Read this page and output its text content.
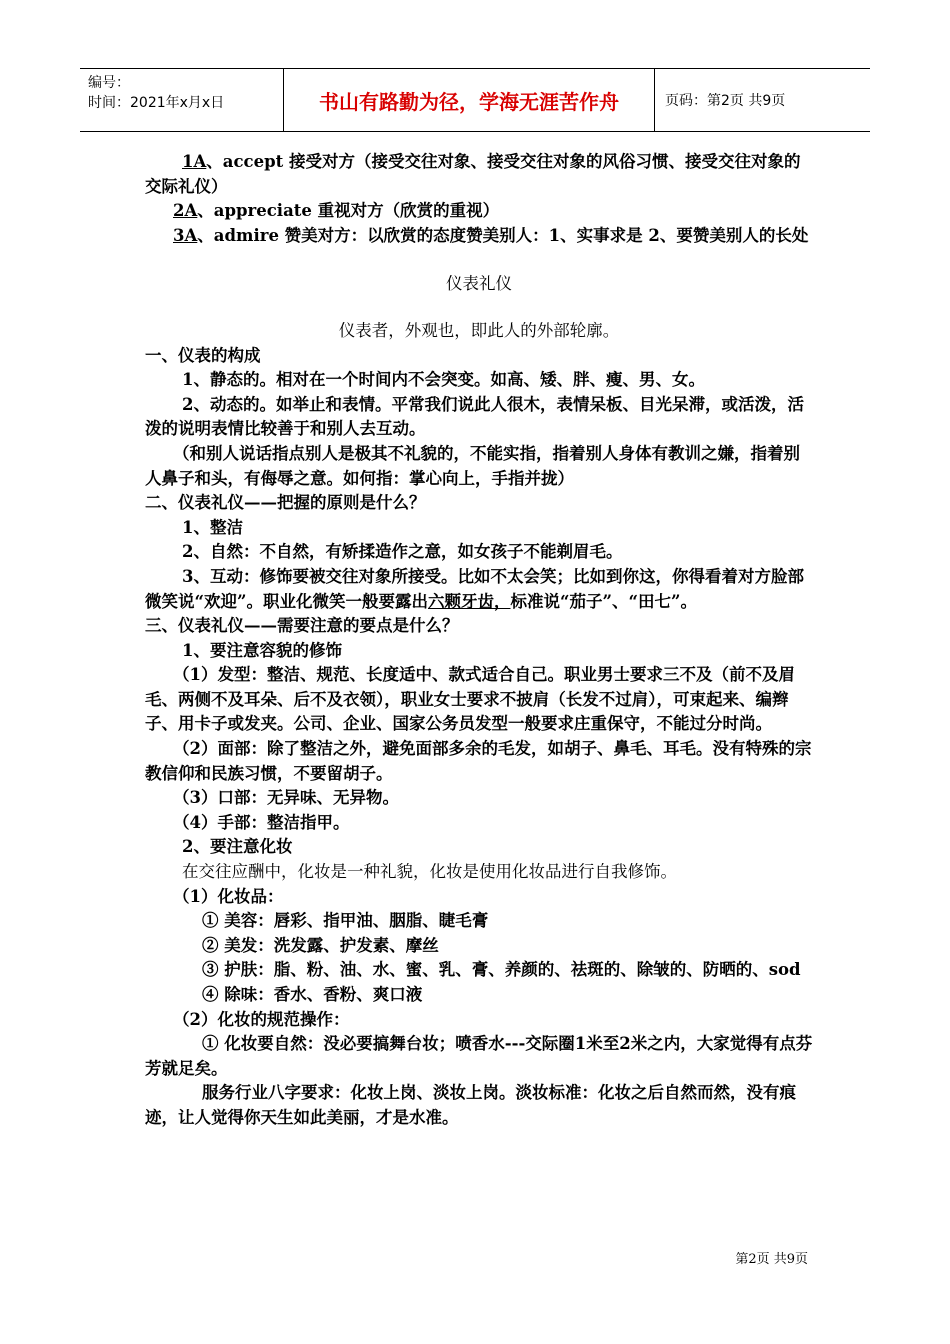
编号：
时间：2021年x月x日	书山有路勤为径，学海无涯苦作舟	页码：第2页 共9页

1A、accept 接受对方（接受交往对象、接受交往对象的风俗习惯、接受交往对象的交际礼仪）

2A、appreciate 重视对方（欣赏的重视）

3A、admire 赞美对方：以欣赏的态度赞美别人：1、实事求是 2、要赞美别人的长处

仪表礼仪

仪表者，外观也，即此人的外部轮廓。

一、仪表的构成

1、静态的。相对在一个时间内不会突变。如高、矮、胖、瘦、男、女。

2、动态的。如举止和表情。平常我们说此人很木，表情呆板、目光呆滞，或活泼，活泼的说明表情比较善于和别人去互动。

（和别人说话指点别人是极其不礼貌的，不能实指，指着别人身体有教训之嫌，指着别人鼻子和头，有侮辱之意。如何指：掌心向上，手指并拢）

二、仪表礼仪——把握的原则是什么？

1、整洁

2、自然：不自然，有矫揉造作之意，如女孩子不能剃眉毛。

3、互动：修饰要被交往对象所接受。比如不太会笑；比如到你这，你得看着对方脸部微笑说“欢迎”。职业化微笑一般要露出六颗牙齿，标准说“茄子”、“田七”。

三、仪表礼仪——需要注意的要点是什么？

1、要注意容貌的修饰

（1）发型：整洁、规范、长度适中、款式适合自己。职业男士要求三不及（前不及眉毛、两侧不及耳朵、后不及衣领），职业女士要求不披肩（长发不过肩），可束起来、编辫子、用卡子或发夹。公司、企业、国家公务员发型一般要求庄重保守，不能过分时尚。

（2）面部：除了整洁之外，避免面部多余的毛发，如胡子、鼻毛、耳毛。没有特殊的宗教信仰和民族习惯，不要留胡子。

（3）口部：无异味、无异物。

（4）手部：整洁指甲。

2、要注意化妆

在交往应酬中，化妆是一种礼貌，化妆是使用化妆品进行自我修饰。

（1）化妆品：

① 美容：唇彩、指甲油、胭脂、睫毛膏

② 美发：洗发露、护发素、摩丝

③ 护肤：脂、粉、油、水、蜜、乳、膏、养颜的、祛斑的、除皱的、防晒的、sod

④ 除味：香水、香粉、爽口液

（2）化妆的规范操作：

① 化妆要自然：没必要搞舞台妆；喷香水---交际圈1米至2米之内，大家觉得有点芬芳就足矣。

服务行业八字要求：化妆上岗、淡妆上岗。淡妆标准：化妆之后自然而然，没有痕迹，让人觉得你天生如此美丽，才是水准。

第2页 共9页
